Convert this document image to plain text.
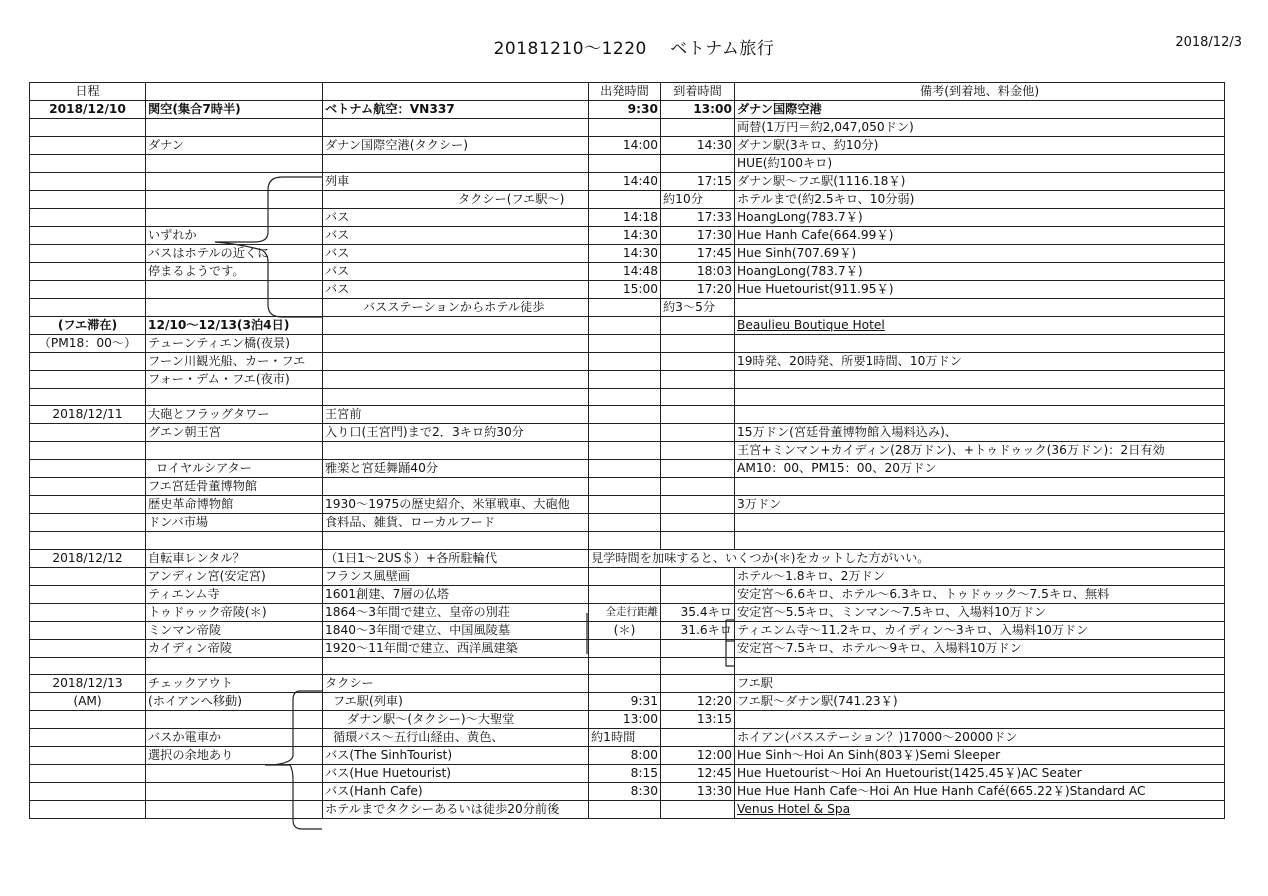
20181210〜1220　 ベトナム旅行	2018/12/3
日程			出発時間	到着時間	備考(到着地、料金他)
2018/12/10	関空(集合7時半)	ベトナム航空：VN337	9:30	13:00	ダナン国際空港
					両替(1万円＝約2,047,050ドン)
	ダナン	ダナン国際空港(タクシー)	14:00	14:30	ダナン駅(3キロ、約10分)
					HUE(約100キロ)
		列車	14:40	17:15	ダナン駅〜フエ駅(1116.18￥)
		タクシー(フエ駅〜)		約10分	ホテルまで(約2.5キロ、10分弱)
		バス	14:18	17:33	HoangLong(783.7￥)
	いずれか	バス	14:30	17:30	Hue Hanh Cafe(664.99￥)
	バスはホテルの近くに	バス	14:30	17:45	Hue Sinh(707.69￥)
	停まるようです。	バス	14:48	18:03	HoangLong(783.7￥)
		バス	15:00	17:20	Hue Huetourist(911.95￥)
		バスステーションからホテル徒歩		約3〜5分	
(フエ滞在)	12/10〜12/13(3泊4日)				Beaulieu Boutique Hotel
（PM18：00〜）	テューンティエン橋(夜景)				
	フーン川観光船、カー・フエ				19時発、20時発、所要1時間、10万ドン
	フォー・デム・フエ(夜市)				

2018/12/11	大砲とフラッグタワー	王宮前			
	グエン朝王宮	入り口(王宮門)まで2．3キロ約30分			15万ドン(宮廷骨董博物館入場料込み)、
					王宮+ミンマン+カイディン(28万ドン)、+トゥドゥック(36万ドン)：2日有効
	ロイヤルシアター	雅楽と宮廷舞踊40分			AM10：00、PM15：00、20万ドン
	フエ宮廷骨董博物館				
	歴史革命博物館	1930〜1975の歴史紹介、米軍戦車、大砲他			3万ドン
	ドンバ市場	食料品、雑貨、ローカルフード			

2018/12/12	自転車レンタル？	（1日1〜2US＄）+各所駐輪代	見学時間を加味すると、いくつか(＊)をカットした方がいい。		
	アンディン宮(安定宮)	フランス風壁画			ホテル〜1.8キロ、2万ドン
	ティエンム寺	1601創建、7層の仏塔			安定宮〜6.6キロ、ホテル〜6.3キロ、トゥドゥック〜7.5キロ、無料
	トゥドゥック帝陵(＊)	1864〜3年間で建立、皇帝の別荘	全走行距離	35.4キロ	安定宮〜5.5キロ、ミンマン〜7.5キロ、入場料10万ドン
	ミンマン帝陵	1840〜3年間で建立、中国風陵墓	(＊)	31.6キロ	ティエンム寺〜11.2キロ、カイディン〜3キロ、入場料10万ドン
	カイディン帝陵	1920〜11年間で建立、西洋風建築			安定宮〜7.5キロ、ホテル〜9キロ、入場料10万ドン

2018/12/13	チェックアウト	タクシー			フエ駅
(AM)	(ホイアンへ移動)	フエ駅(列車)	9:31	12:20	フエ駅〜ダナン駅(741.23￥)
		ダナン駅〜(タクシー)〜大聖堂	13:00	13:15	
	バスか電車か	循環バス〜五行山経由、黄色、	約1時間		ホイアン(バスステーション？)17000〜20000ドン
	選択の余地あり	バス(The SinhTourist)	8:00	12:00	Hue Sinh〜Hoi An Sinh(803￥)Semi Sleeper
		バス(Hue Huetourist)	8:15	12:45	Hue Huetourist〜Hoi An Huetourist(1425.45￥)AC Seater
		バス(Hanh Cafe)	8:30	13:30	Hue Hue Hanh Cafe〜Hoi An Hue Hanh Café(665.22￥)Standard AC
		ホテルまでタクシーあるいは徒歩20分前後			Venus Hotel & Spa
